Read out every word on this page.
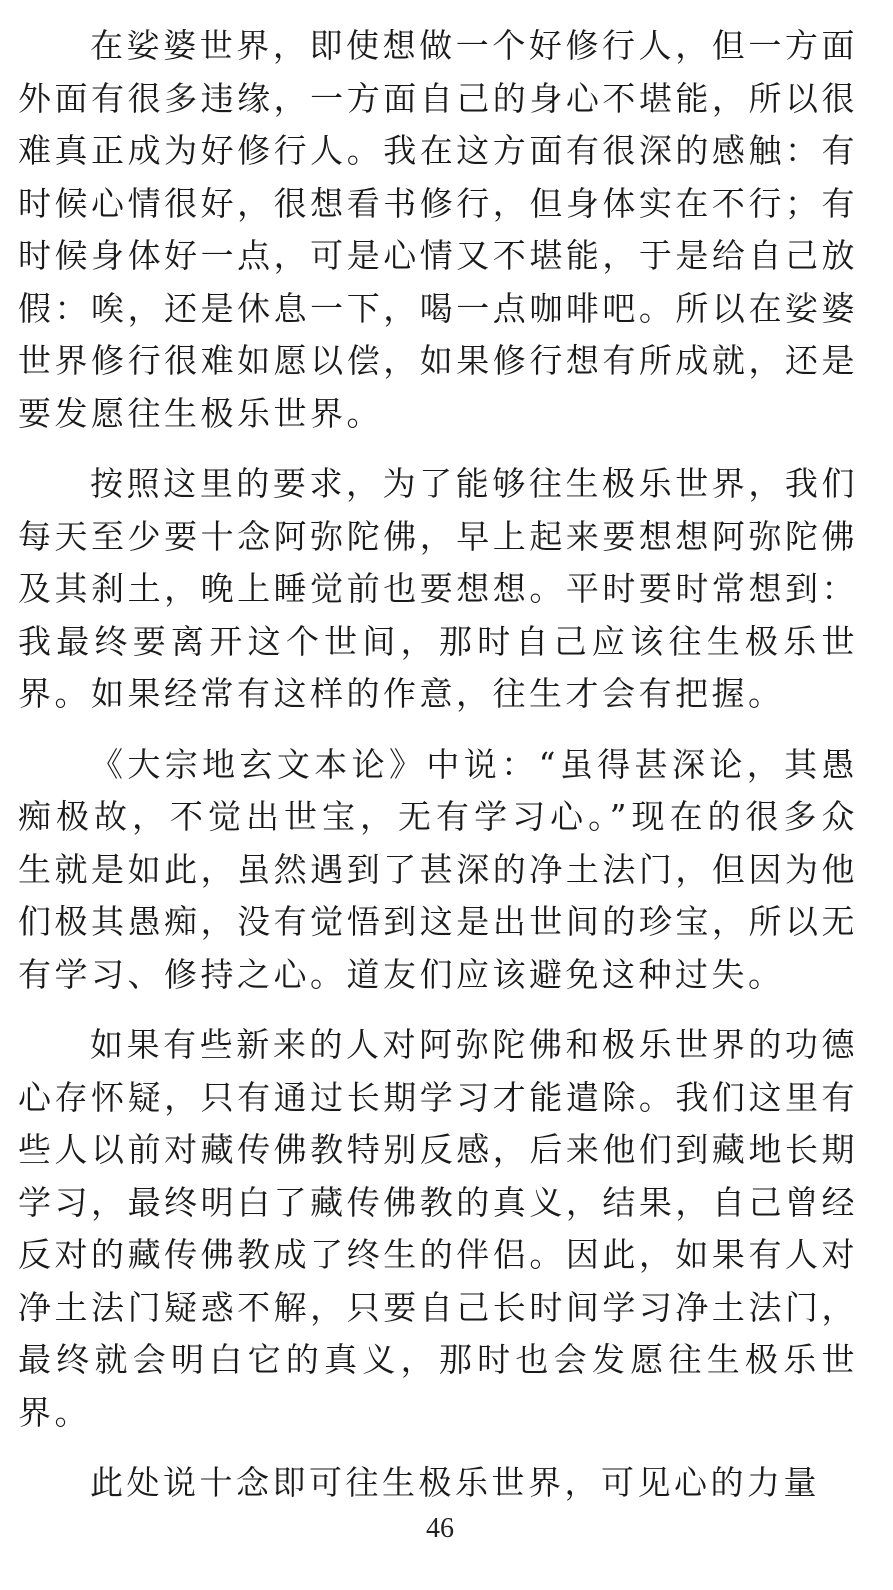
在娑婆世界，即使想做一个好修行人，但一方面外面有很多违缘，一方面自己的身心不堪能，所以很难真正成为好修行人。我在这方面有很深的感触：有时候心情很好，很想看书修行，但身体实在不行；有时候身体好一点，可是心情又不堪能，于是给自己放假：唉，还是休息一下，喝一点咖啡吧。所以在娑婆世界修行很难如愿以偿，如果修行想有所成就，还是要发愿往生极乐世界。

按照这里的要求，为了能够往生极乐世界，我们每天至少要十念阿弥陀佛，早上起来要想想阿弥陀佛及其刹土，晚上睡觉前也要想想。平时要时常想到：我最终要离开这个世间，那时自己应该往生极乐世界。如果经常有这样的作意，往生才会有把握。

《大宗地玄文本论》中说：“虽得甚深论，其愚痴极故，不觉出世宝，无有学习心。”现在的很多众生就是如此，虽然遇到了甚深的净土法门，但因为他们极其愚痴，没有觉悟到这是出世间的珍宝，所以无有学习、修持之心。道友们应该避免这种过失。

如果有些新来的人对阿弥陀佛和极乐世界的功德心存怀疑，只有通过长期学习才能遣除。我们这里有些人以前对藏传佛教特别反感，后来他们到藏地长期学习，最终明白了藏传佛教的真义，结果，自己曾经反对的藏传佛教成了终生的伴侣。因此，如果有人对净土法门疑惑不解，只要自己长时间学习净土法门，最终就会明白它的真义，那时也会发愿往生极乐世界。

此处说十念即可往生极乐世界，可见心的力量

46
